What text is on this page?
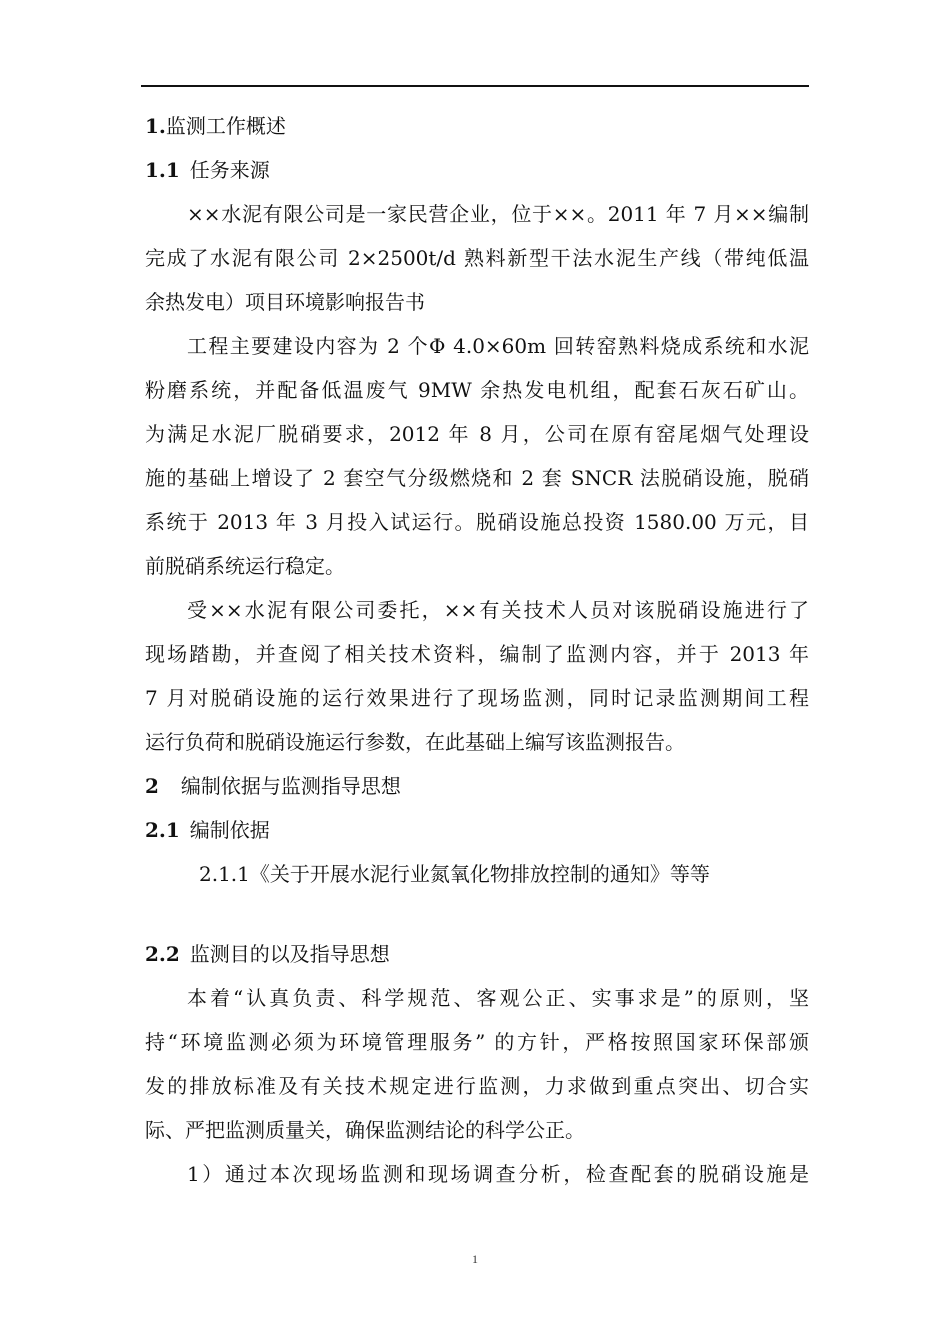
1.监测工作概述
1.1 任务来源
××水泥有限公司是一家民营企业，位于××。2011 年 7 月××编制
完成了水泥有限公司 2×2500t/d 熟料新型干法水泥生产线（带纯低温
余热发电）项目环境影响报告书
工程主要建设内容为 2 个Φ 4.0×60m 回转窑熟料烧成系统和水泥
粉磨系统，并配备低温废气 9MW 余热发电机组，配套石灰石矿山。
为满足水泥厂脱硝要求，2012 年 8 月，公司在原有窑尾烟气处理设
施的基础上增设了 2 套空气分级燃烧和 2 套 SNCR 法脱硝设施，脱硝
系统于 2013 年 3 月投入试运行。脱硝设施总投资 1580.00 万元，目
前脱硝系统运行稳定。
受××水泥有限公司委托，××有关技术人员对该脱硝设施进行了
现场踏勘，并查阅了相关技术资料，编制了监测内容，并于 2013 年
7 月对脱硝设施的运行效果进行了现场监测，同时记录监测期间工程
运行负荷和脱硝设施运行参数，在此基础上编写该监测报告。
2 编制依据与监测指导思想
2.1 编制依据
2.1.1《关于开展水泥行业氮氧化物排放控制的通知》等等
2.2 监测目的以及指导思想
本着“认真负责、科学规范、客观公正、实事求是”的原则，坚
持“环境监测必须为环境管理服务” 的方针，严格按照国家环保部颁
发的排放标准及有关技术规定进行监测，力求做到重点突出、切合实
际、严把监测质量关，确保监测结论的科学公正。
1）通过本次现场监测和现场调查分析，检查配套的脱硝设施是
1
